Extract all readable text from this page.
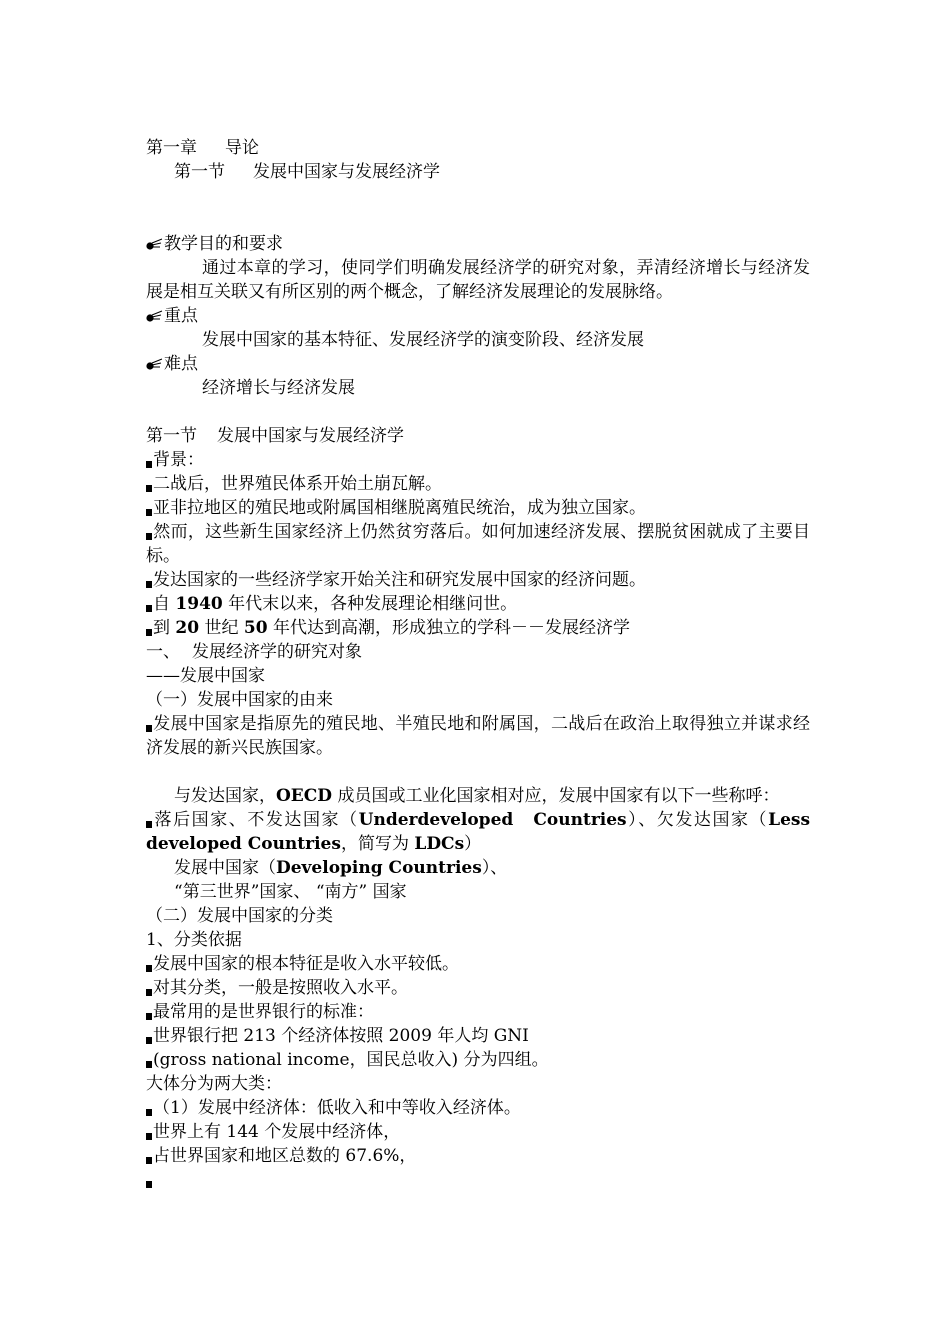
第一章 导论
第一节 发展中国家与发展经济学
教学目的和要求
通过本章的学习，使同学们明确发展经济学的研究对象，弄清经济增长与经济发展是相互关联又有所区别的两个概念，了解经济发展理论的发展脉络。
重点
发展中国家的基本特征、发展经济学的演变阶段、经济发展
难点
经济增长与经济发展
第一节 发展中国家与发展经济学
背景：
二战后，世界殖民体系开始土崩瓦解。
亚非拉地区的殖民地或附属国相继脱离殖民统治，成为独立国家。
然而，这些新生国家经济上仍然贫穷落后。如何加速经济发展、摆脱贫困就成了主要目标。
发达国家的一些经济学家开始关注和研究发展中国家的经济问题。
自 1940 年代末以来，各种发展理论相继问世。
到 20 世纪 50 年代达到高潮，形成独立的学科－－发展经济学
一、 发展经济学的研究对象
——发展中国家
（一）发展中国家的由来
发展中国家是指原先的殖民地、半殖民地和附属国，二战后在政治上取得独立并谋求经济发展的新兴民族国家。
与发达国家，OECD 成员国或工业化国家相对应，发展中国家有以下一些称呼：
落后国家、不发达国家（Underdeveloped　Countries）、欠发达国家（Less developed Countries，简写为 LDCs）
发展中国家（Developing Countries）、
“第三世界”国家、 “南方” 国家
（二）发展中国家的分类
1、分类依据
发展中国家的根本特征是收入水平较低。
对其分类，一般是按照收入水平。
最常用的是世界银行的标准：
世界银行把 213 个经济体按照 2009 年人均 GNI
(gross national income，国民总收入) 分为四组。
大体分为两大类：
（1）发展中经济体：低收入和中等收入经济体。
世界上有 144 个发展中经济体，
占世界国家和地区总数的 67.6%，
